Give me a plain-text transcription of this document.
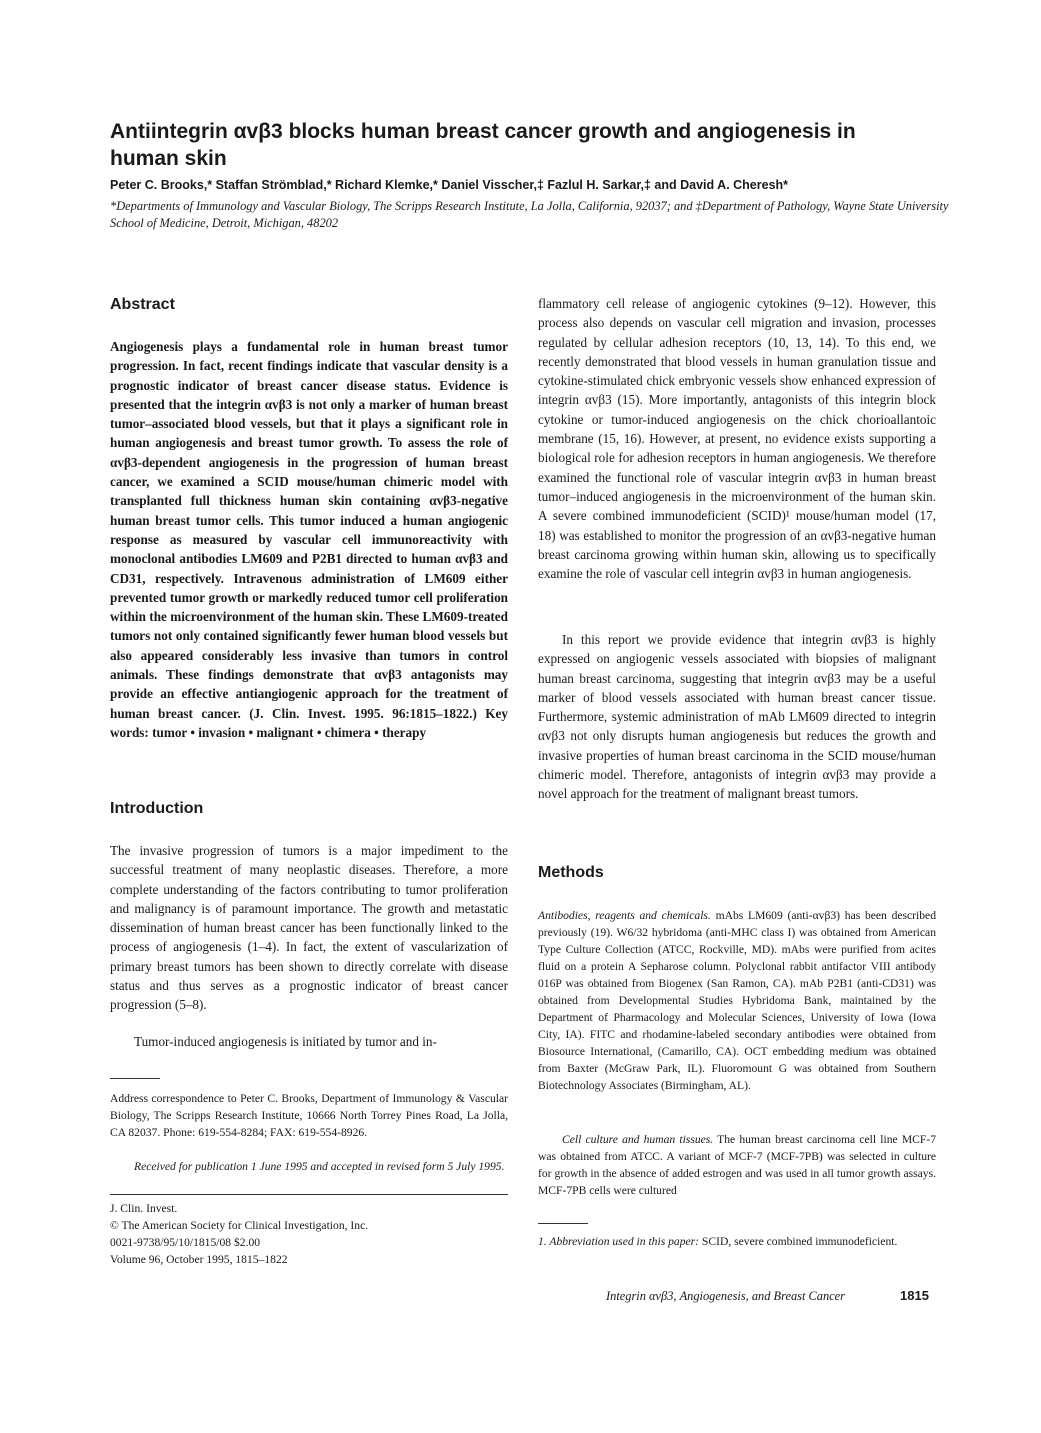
Antiintegrin αvβ3 blocks human breast cancer growth and angiogenesis in human skin

Peter C. Brooks,* Staffan Strömblad,* Richard Klemke,* Daniel Visscher,‡ Fazlul H. Sarkar,‡ and David A. Cheresh*

*Departments of Immunology and Vascular Biology, The Scripps Research Institute, La Jolla, California, 92037; and ‡Department of Pathology, Wayne State University School of Medicine, Detroit, Michigan, 48202

Abstract

Angiogenesis plays a fundamental role in human breast tumor progression. In fact, recent findings indicate that vascular density is a prognostic indicator of breast cancer disease status. Evidence is presented that the integrin αvβ3 is not only a marker of human breast tumor–associated blood vessels, but that it plays a significant role in human angiogenesis and breast tumor growth. To assess the role of αvβ3-dependent angiogenesis in the progression of human breast cancer, we examined a SCID mouse/human chimeric model with transplanted full thickness human skin containing αvβ3-negative human breast tumor cells. This tumor induced a human angiogenic response as measured by vascular cell immunoreactivity with monoclonal antibodies LM609 and P2B1 directed to human αvβ3 and CD31, respectively. Intravenous administration of LM609 either prevented tumor growth or markedly reduced tumor cell proliferation within the microenvironment of the human skin. These LM609-treated tumors not only contained significantly fewer human blood vessels but also appeared considerably less invasive than tumors in control animals. These findings demonstrate that αvβ3 antagonists may provide an effective antiangiogenic approach for the treatment of human breast cancer. (J. Clin. Invest. 1995. 96:1815–1822.) Key words: tumor • invasion • malignant • chimera • therapy

Introduction

The invasive progression of tumors is a major impediment to the successful treatment of many neoplastic diseases. Therefore, a more complete understanding of the factors contributing to tumor proliferation and malignancy is of paramount importance. The growth and metastatic dissemination of human breast cancer has been functionally linked to the process of angiogenesis (1–4). In fact, the extent of vascularization of primary breast tumors has been shown to directly correlate with disease status and thus serves as a prognostic indicator of breast cancer progression (5–8).

Tumor-induced angiogenesis is initiated by tumor and in-

Address correspondence to Peter C. Brooks, Department of Immunology & Vascular Biology, The Scripps Research Institute, 10666 North Torrey Pines Road, La Jolla, CA 82037. Phone: 619-554-8284; FAX: 619-554-8926.

Received for publication 1 June 1995 and accepted in revised form 5 July 1995.

J. Clin. Invest.

© The American Society for Clinical Investigation, Inc.

0021-9738/95/10/1815/08 $2.00

Volume 96, October 1995, 1815–1822

flammatory cell release of angiogenic cytokines (9–12). However, this process also depends on vascular cell migration and invasion, processes regulated by cellular adhesion receptors (10, 13, 14). To this end, we recently demonstrated that blood vessels in human granulation tissue and cytokine-stimulated chick embryonic vessels show enhanced expression of integrin αvβ3 (15). More importantly, antagonists of this integrin block cytokine or tumor-induced angiogenesis on the chick chorioallantoic membrane (15, 16). However, at present, no evidence exists supporting a biological role for adhesion receptors in human angiogenesis. We therefore examined the functional role of vascular integrin αvβ3 in human breast tumor–induced angiogenesis in the microenvironment of the human skin. A severe combined immunodeficient (SCID)¹ mouse/human model (17, 18) was established to monitor the progression of an αvβ3-negative human breast carcinoma growing within human skin, allowing us to specifically examine the role of vascular cell integrin αvβ3 in human angiogenesis.

In this report we provide evidence that integrin αvβ3 is highly expressed on angiogenic vessels associated with biopsies of malignant human breast carcinoma, suggesting that integrin αvβ3 may be a useful marker of blood vessels associated with human breast cancer tissue. Furthermore, systemic administration of mAb LM609 directed to integrin αvβ3 not only disrupts human angiogenesis but reduces the growth and invasive properties of human breast carcinoma in the SCID mouse/human chimeric model. Therefore, antagonists of integrin αvβ3 may provide a novel approach for the treatment of malignant breast tumors.

Methods

Antibodies, reagents and chemicals. mAbs LM609 (anti-αvβ3) has been described previously (19). W6/32 hybridoma (anti-MHC class I) was obtained from American Type Culture Collection (ATCC, Rockville, MD). mAbs were purified from acites fluid on a protein A Sepharose column. Polyclonal rabbit antifactor VIII antibody 016P was obtained from Biogenex (San Ramon, CA). mAb P2B1 (anti-CD31) was obtained from Developmental Studies Hybridoma Bank, maintained by the Department of Pharmacology and Molecular Sciences, University of Iowa (Iowa City, IA). FITC and rhodamine-labeled secondary antibodies were obtained from Biosource International, (Camarillo, CA). OCT embedding medium was obtained from Baxter (McGraw Park, IL). Fluoromount G was obtained from Southern Biotechnology Associates (Birmingham, AL).

Cell culture and human tissues. The human breast carcinoma cell line MCF-7 was obtained from ATCC. A variant of MCF-7 (MCF-7PB) was selected in culture for growth in the absence of added estrogen and was used in all tumor growth assays. MCF-7PB cells were cultured

1. Abbreviation used in this paper: SCID, severe combined immunodeficient.

Integrin αvβ3, Angiogenesis, and Breast Cancer	1815
